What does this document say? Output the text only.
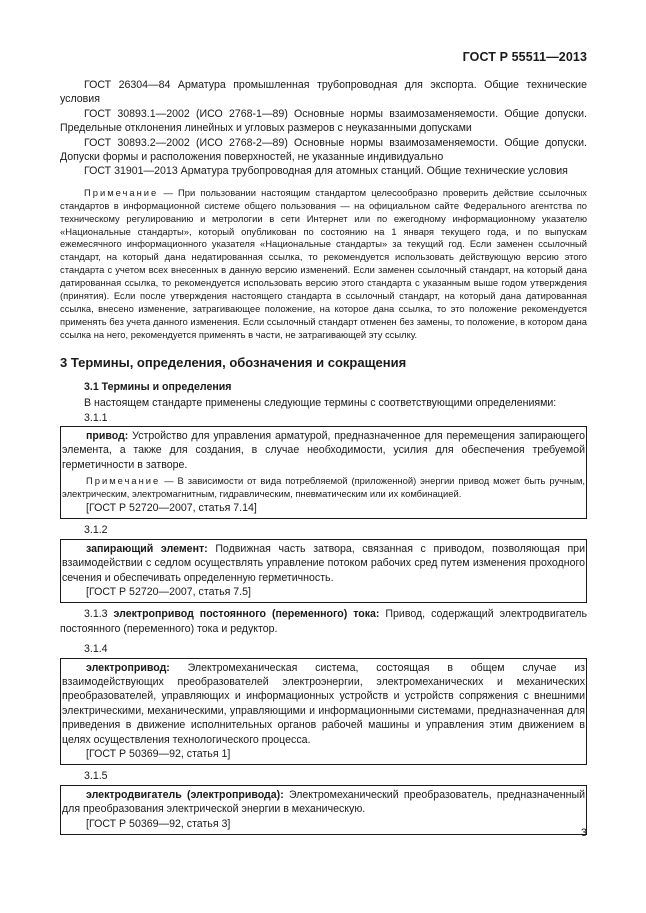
ГОСТ Р 55511—2013

ГОСТ 26304—84 Арматура промышленная трубопроводная для экспорта. Общие технические условия

ГОСТ 30893.1—2002 (ИСО 2768-1—89) Основные нормы взаимозаменяемости. Общие допуски. Предельные отклонения линейных и угловых размеров с неуказанными допусками

ГОСТ 30893.2—2002 (ИСО 2768-2—89) Основные нормы взаимозаменяемости. Общие допуски. Допуски формы и расположения поверхностей, не указанные индивидуально

ГОСТ 31901—2013 Арматура трубопроводная для атомных станций. Общие технические условия

Примечание — При пользовании настоящим стандартом целесообразно проверить действие ссылочных стандартов в информационной системе общего пользования — на официальном сайте Федерального агентства по техническому регулированию и метрологии в сети Интернет или по ежегодному информационному указателю «Национальные стандарты», который опубликован по состоянию на 1 января текущего года, и по выпускам ежемесячного информационного указателя «Национальные стандарты» за текущий год. Если заменен ссылочный стандарт, на который дана недатированная ссылка, то рекомендуется использовать действующую версию этого стандарта с учетом всех внесенных в данную версию изменений. Если заменен ссылочный стандарт, на который дана датированная ссылка, то рекомендуется использовать версию этого стандарта с указанным выше годом утверждения (принятия). Если после утверждения настоящего стандарта в ссылочный стандарт, на который дана датированная ссылка, внесено изменение, затрагивающее положение, на которое дана ссылка, то это положение рекомендуется применять без учета данного изменения. Если ссылочный стандарт отменен без замены, то положение, в котором дана ссылка на него, рекомендуется применять в части, не затрагивающей эту ссылку.

3 Термины, определения, обозначения и сокращения
3.1 Термины и определения

В настоящем стандарте применены следующие термины с соответствующими определениями:

3.1.1

привод: Устройство для управления арматурой, предназначенное для перемещения запирающего элемента, а также для создания, в случае необходимости, усилия для обеспечения требуемой герметичности в затворе.

Примечание — В зависимости от вида потребляемой (приложенной) энергии привод может быть ручным, электрическим, электромагнитным, гидравлическим, пневматическим или их комбинацией.

[ГОСТ Р 52720—2007, статья 7.14]

3.1.2

запирающий элемент: Подвижная часть затвора, связанная с приводом, позволяющая при взаимодействии с седлом осуществлять управление потоком рабочих сред путем изменения проходного сечения и обеспечивать определенную герметичность.

[ГОСТ Р 52720—2007, статья 7.5]

3.1.3 электропривод постоянного (переменного) тока: Привод, содержащий электродвигатель постоянного (переменного) тока и редуктор.

3.1.4

электропривод: Электромеханическая система, состоящая в общем случае из взаимодействующих преобразователей электроэнергии, электромеханических и механических преобразователей, управляющих и информационных устройств и устройств сопряжения с внешними электрическими, механическими, управляющими и информационными системами, предназначенная для приведения в движение исполнительных органов рабочей машины и управления этим движением в целях осуществления технологического процесса.

[ГОСТ Р 50369—92, статья 1]

3.1.5

электродвигатель (электропривода): Электромеханический преобразователь, предназначенный для преобразования электрической энергии в механическую.

[ГОСТ Р 50369—92, статья 3]

3
